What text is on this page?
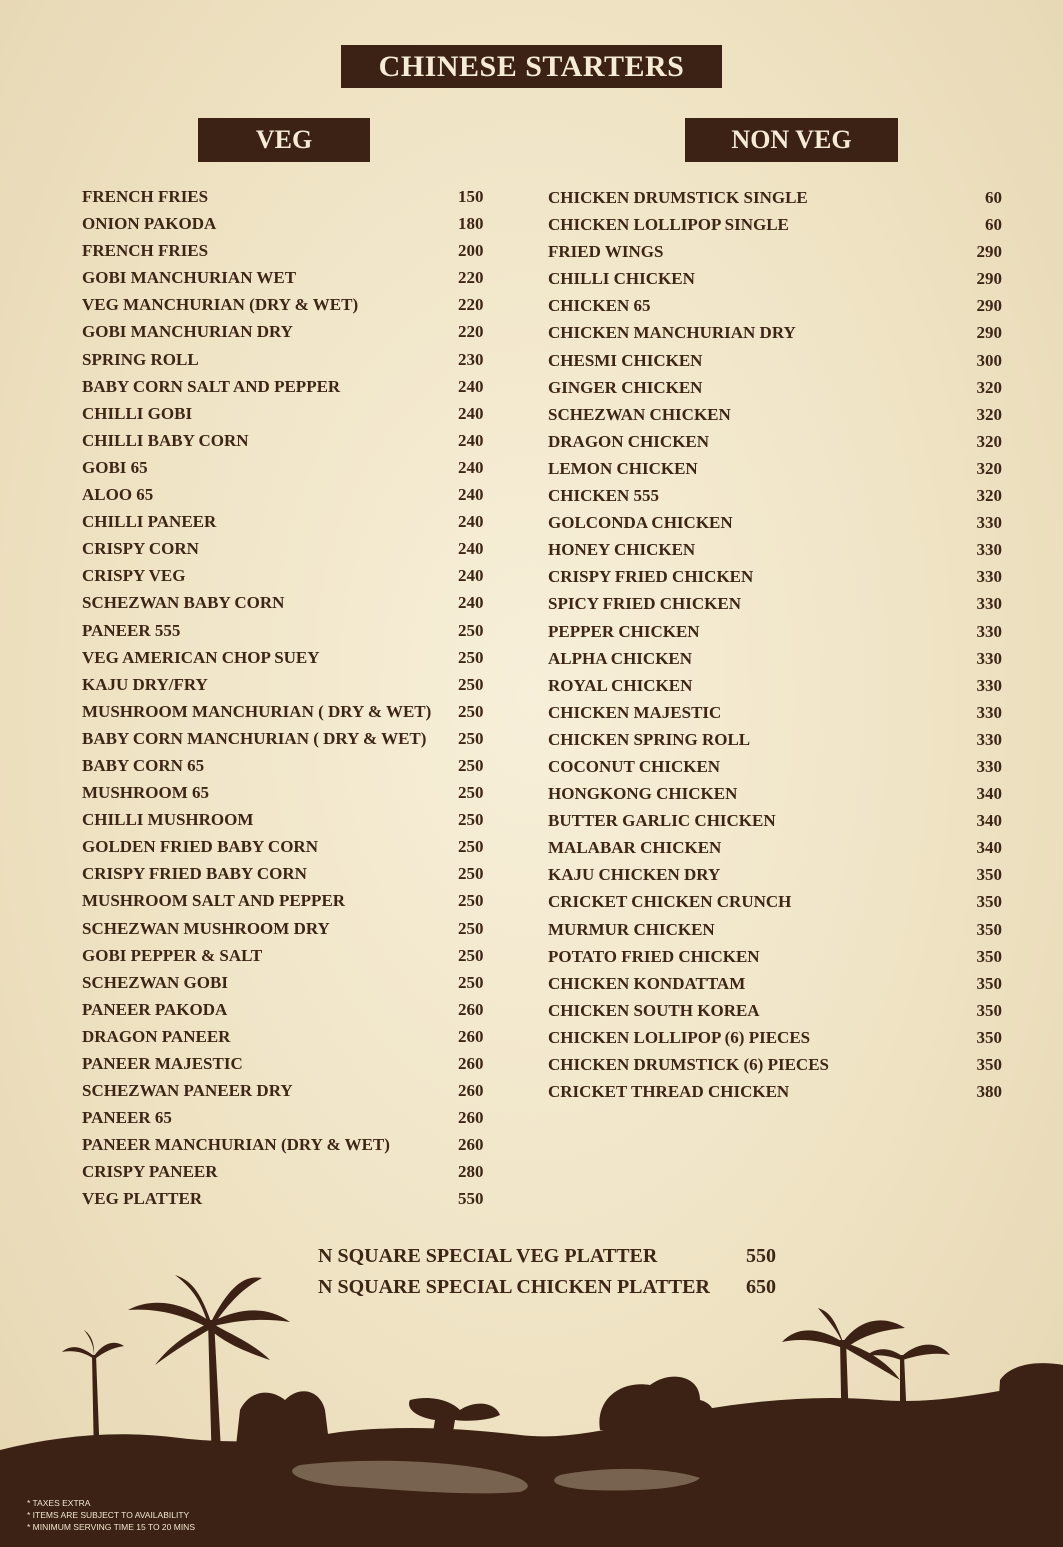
CHINESE STARTERS
VEG	NON VEG
FRENCH FRIES	150
ONION PAKODA	180
FRENCH FRIES	200
GOBI MANCHURIAN WET	220
VEG MANCHURIAN (DRY & WET)	220
GOBI MANCHURIAN DRY	220
SPRING ROLL	230
BABY CORN SALT AND PEPPER	240
CHILLI GOBI	240
CHILLI BABY CORN	240
GOBI 65	240
ALOO 65	240
CHILLI PANEER	240
CRISPY CORN	240
CRISPY VEG	240
SCHEZWAN BABY CORN	240
PANEER 555	250
VEG AMERICAN CHOP SUEY	250
KAJU DRY/FRY	250
MUSHROOM MANCHURIAN ( DRY & WET) 250
BABY CORN MANCHURIAN ( DRY & WET) 250
BABY CORN 65	250
MUSHROOM 65	250
CHILLI MUSHROOM	250
GOLDEN FRIED BABY CORN	250
CRISPY FRIED BABY CORN	250
MUSHROOM SALT AND PEPPER	250
SCHEZWAN MUSHROOM DRY	250
GOBI PEPPER & SALT	250
SCHEZWAN GOBI	250
PANEER PAKODA	260
DRAGON PANEER	260
PANEER MAJESTIC	260
SCHEZWAN PANEER DRY	260
PANEER 65	260
PANEER MANCHURIAN (DRY & WET)	260
CRISPY PANEER	280
VEG PLATTER	550
CHICKEN DRUMSTICK SINGLE	60
CHICKEN LOLLIPOP SINGLE	60
FRIED WINGS	290
CHILLI CHICKEN	290
CHICKEN 65	290
CHICKEN MANCHURIAN DRY	290
CHESMI CHICKEN	300
GINGER CHICKEN	320
SCHEZWAN CHICKEN	320
DRAGON CHICKEN	320
LEMON CHICKEN	320
CHICKEN 555	320
GOLCONDA CHICKEN	330
HONEY CHICKEN	330
CRISPY FRIED CHICKEN	330
SPICY FRIED CHICKEN	330
PEPPER CHICKEN	330
ALPHA CHICKEN	330
ROYAL CHICKEN	330
CHICKEN MAJESTIC	330
CHICKEN SPRING ROLL	330
COCONUT CHICKEN	330
HONGKONG CHICKEN	340
BUTTER GARLIC CHICKEN	340
MALABAR CHICKEN	340
KAJU CHICKEN DRY	350
CRICKET CHICKEN CRUNCH	350
MURMUR CHICKEN	350
POTATO FRIED CHICKEN	350
CHICKEN KONDATTAM	350
CHICKEN SOUTH KOREA	350
CHICKEN LOLLIPOP (6) PIECES	350
CHICKEN DRUMSTICK (6) PIECES	350
CRICKET THREAD CHICKEN	380
N SQUARE SPECIAL VEG PLATTER	550
N SQUARE SPECIAL CHICKEN PLATTER 650
* TAXES EXTRA
* ITEMS ARE SUBJECT TO AVAILABILITY
* MINIMUM SERVING TIME 15 TO 20 MINS
